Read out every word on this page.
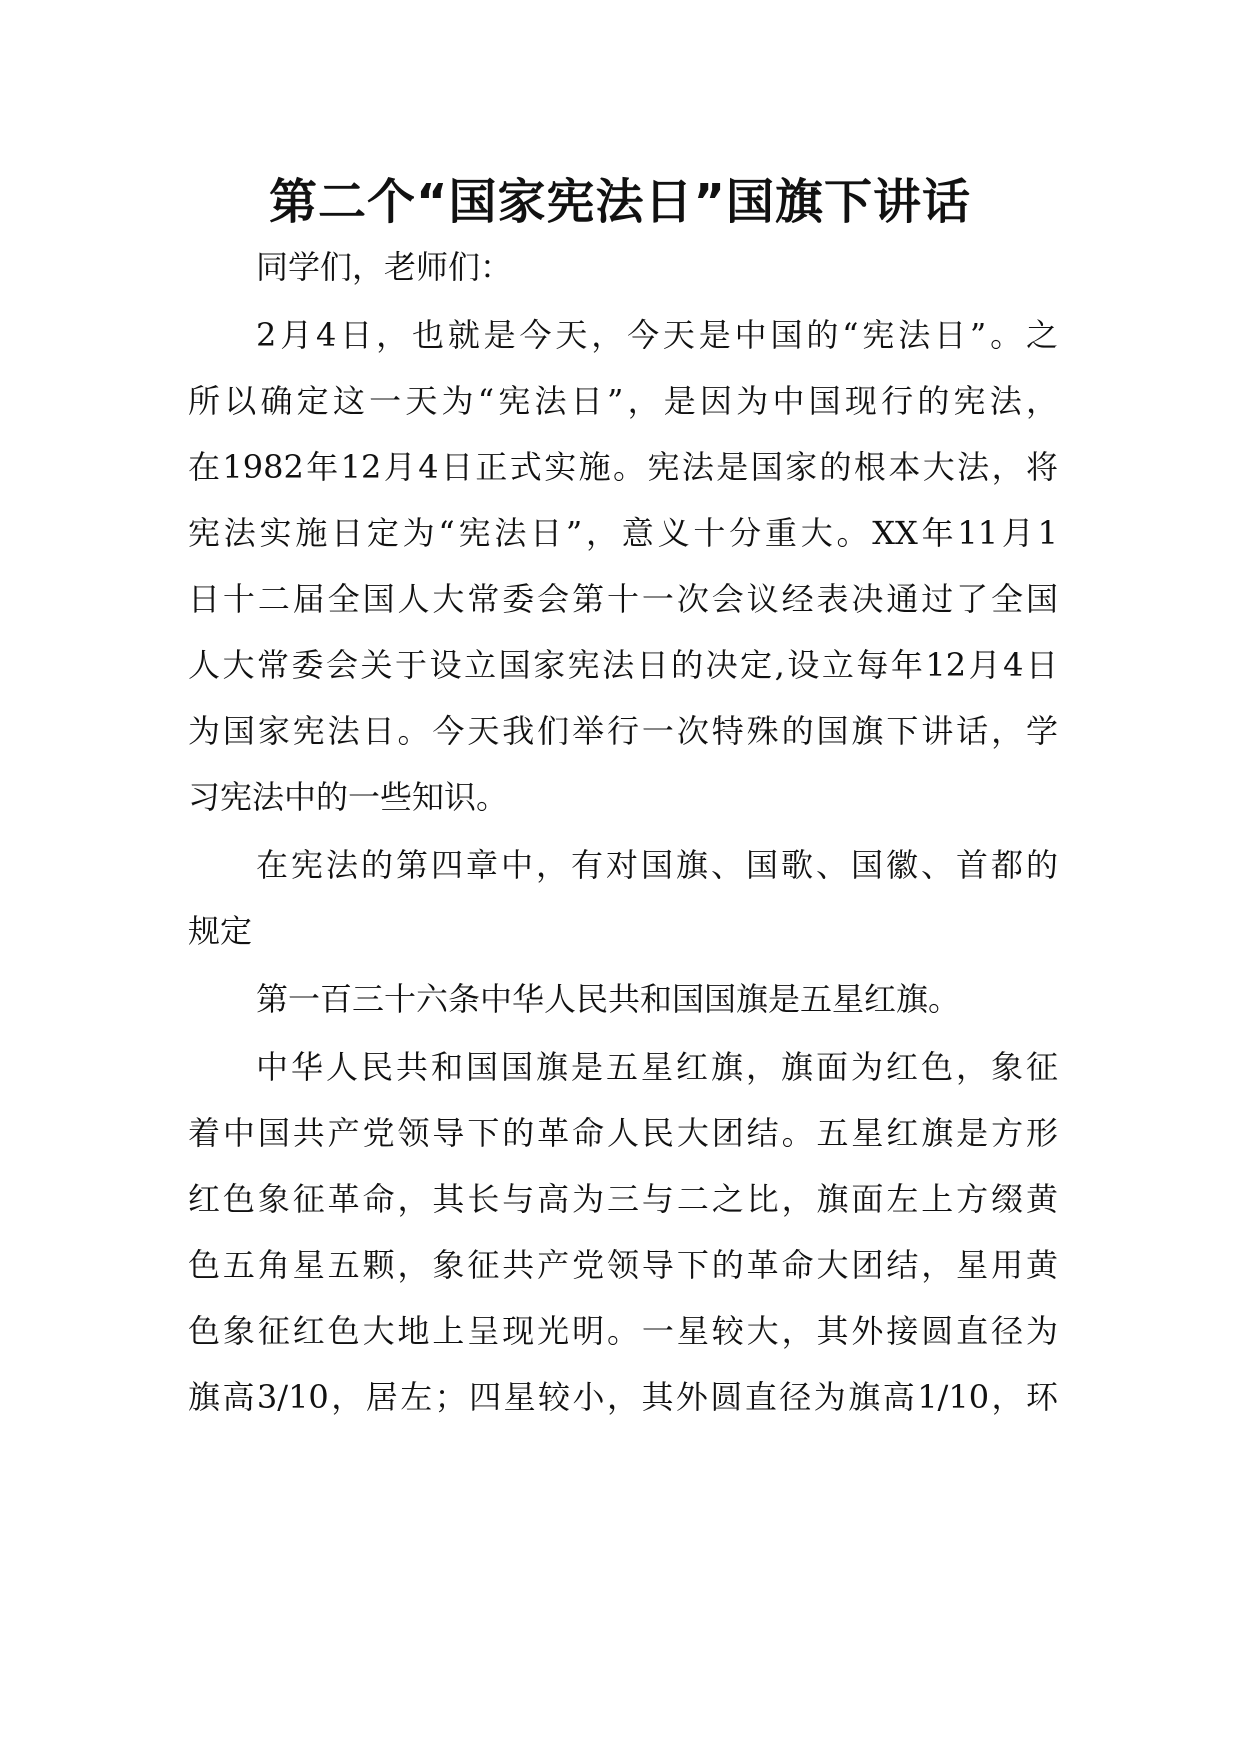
第二个“国家宪法日”国旗下讲话

同学们，老师们：

2月4日，也就是今天，今天是中国的“宪法日”。之

所以确定这一天为“宪法日”，是因为中国现行的宪法，

在1982年12月4日正式实施。宪法是国家的根本大法，将

宪法实施日定为“宪法日”，意义十分重大。XX年11月1

日十二届全国人大常委会第十一次会议经表决通过了全国

人大常委会关于设立国家宪法日的决定,设立每年12月4日

为国家宪法日。今天我们举行一次特殊的国旗下讲话，学

习宪法中的一些知识。

在宪法的第四章中，有对国旗、国歌、国徽、首都的

规定

第一百三十六条中华人民共和国国旗是五星红旗。

中华人民共和国国旗是五星红旗，旗面为红色，象征

着中国共产党领导下的革命人民大团结。五星红旗是方形

红色象征革命，其长与高为三与二之比，旗面左上方缀黄

色五角星五颗，象征共产党领导下的革命大团结，星用黄

色象征红色大地上呈现光明。一星较大，其外接圆直径为

旗高3/10，居左；四星较小，其外圆直径为旗高1/10，环
